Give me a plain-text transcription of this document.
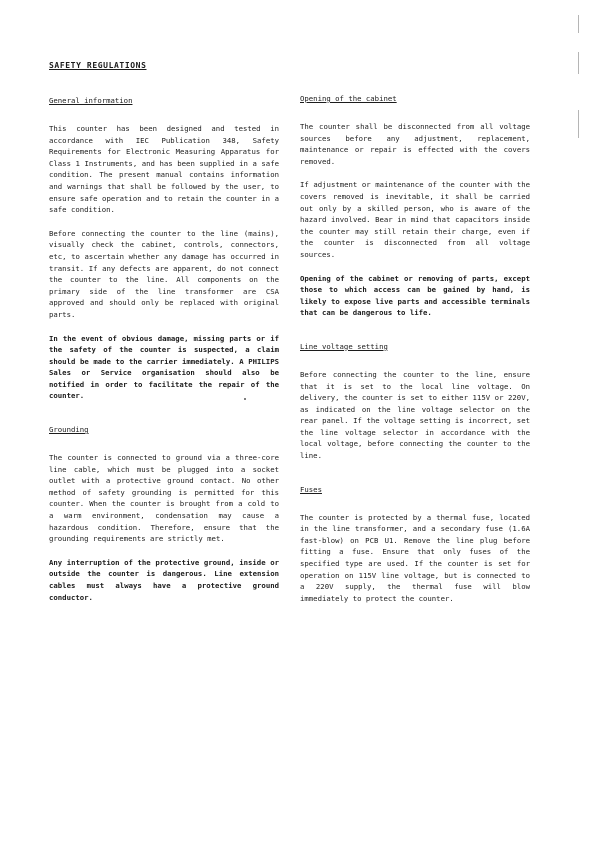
SAFETY REGULATIONS
General information

This counter has been designed and tested in accordance with IEC Publication 348, Safety Requirements for Electronic Measuring Apparatus for Class 1 Instruments, and has been supplied in a safe condition. The present manual contains information and warnings that shall be followed by the user, to ensure safe operation and to retain the counter in a safe condition.

Before connecting the counter to the line (mains), visually check the cabinet, controls, connectors, etc, to ascertain whether any damage has occurred in transit. If any defects are apparent, do not connect the counter to the line. All components on the primary side of the line transformer are CSA approved and should only be replaced with original parts.

In the event of obvious damage, missing parts or if the safety of the counter is suspected, a claim should be made to the carrier immediately. A PHILIPS Sales or Service organisation should also be notified in order to facilitate the repair of the counter.

Grounding

The counter is connected to ground via a three-core line cable, which must be plugged into a socket outlet with a protective ground contact. No other method of safety grounding is permitted for this counter. When the counter is brought from a cold to a warm environment, condensation may cause a hazardous condition. Therefore, ensure that the grounding requirements are strictly met.

Any interruption of the protective ground, inside or outside the counter is dangerous. Line extension cables must always have a protective ground conductor.

Opening of the cabinet

The counter shall be disconnected from all voltage sources before any adjustment, replacement, maintenance or repair is effected with the covers removed.

If adjustment or maintenance of the counter with the covers removed is inevitable, it shall be carried out only by a skilled person, who is aware of the hazard involved. Bear in mind that capacitors inside the counter may still retain their charge, even if the counter is disconnected from all voltage sources.

Opening of the cabinet or removing of parts, except those to which access can be gained by hand, is likely to expose live parts and accessible terminals that can be dangerous to life.

Line voltage setting

Before connecting the counter to the line, ensure that it is set to the local line voltage. On delivery, the counter is set to either 115V or 220V, as indicated on the line voltage selector on the rear panel. If the voltage setting is incorrect, set the line voltage selector in accordance with the local voltage, before connecting the counter to the line.

Fuses

The counter is protected by a thermal fuse, located in the line transformer, and a secondary fuse (1.6A fast-blow) on PCB U1. Remove the line plug before fitting a fuse. Ensure that only fuses of the specified type are used. If the counter is set for operation on 115V line voltage, but is connected to a 220V supply, the thermal fuse will blow immediately to protect the counter.
